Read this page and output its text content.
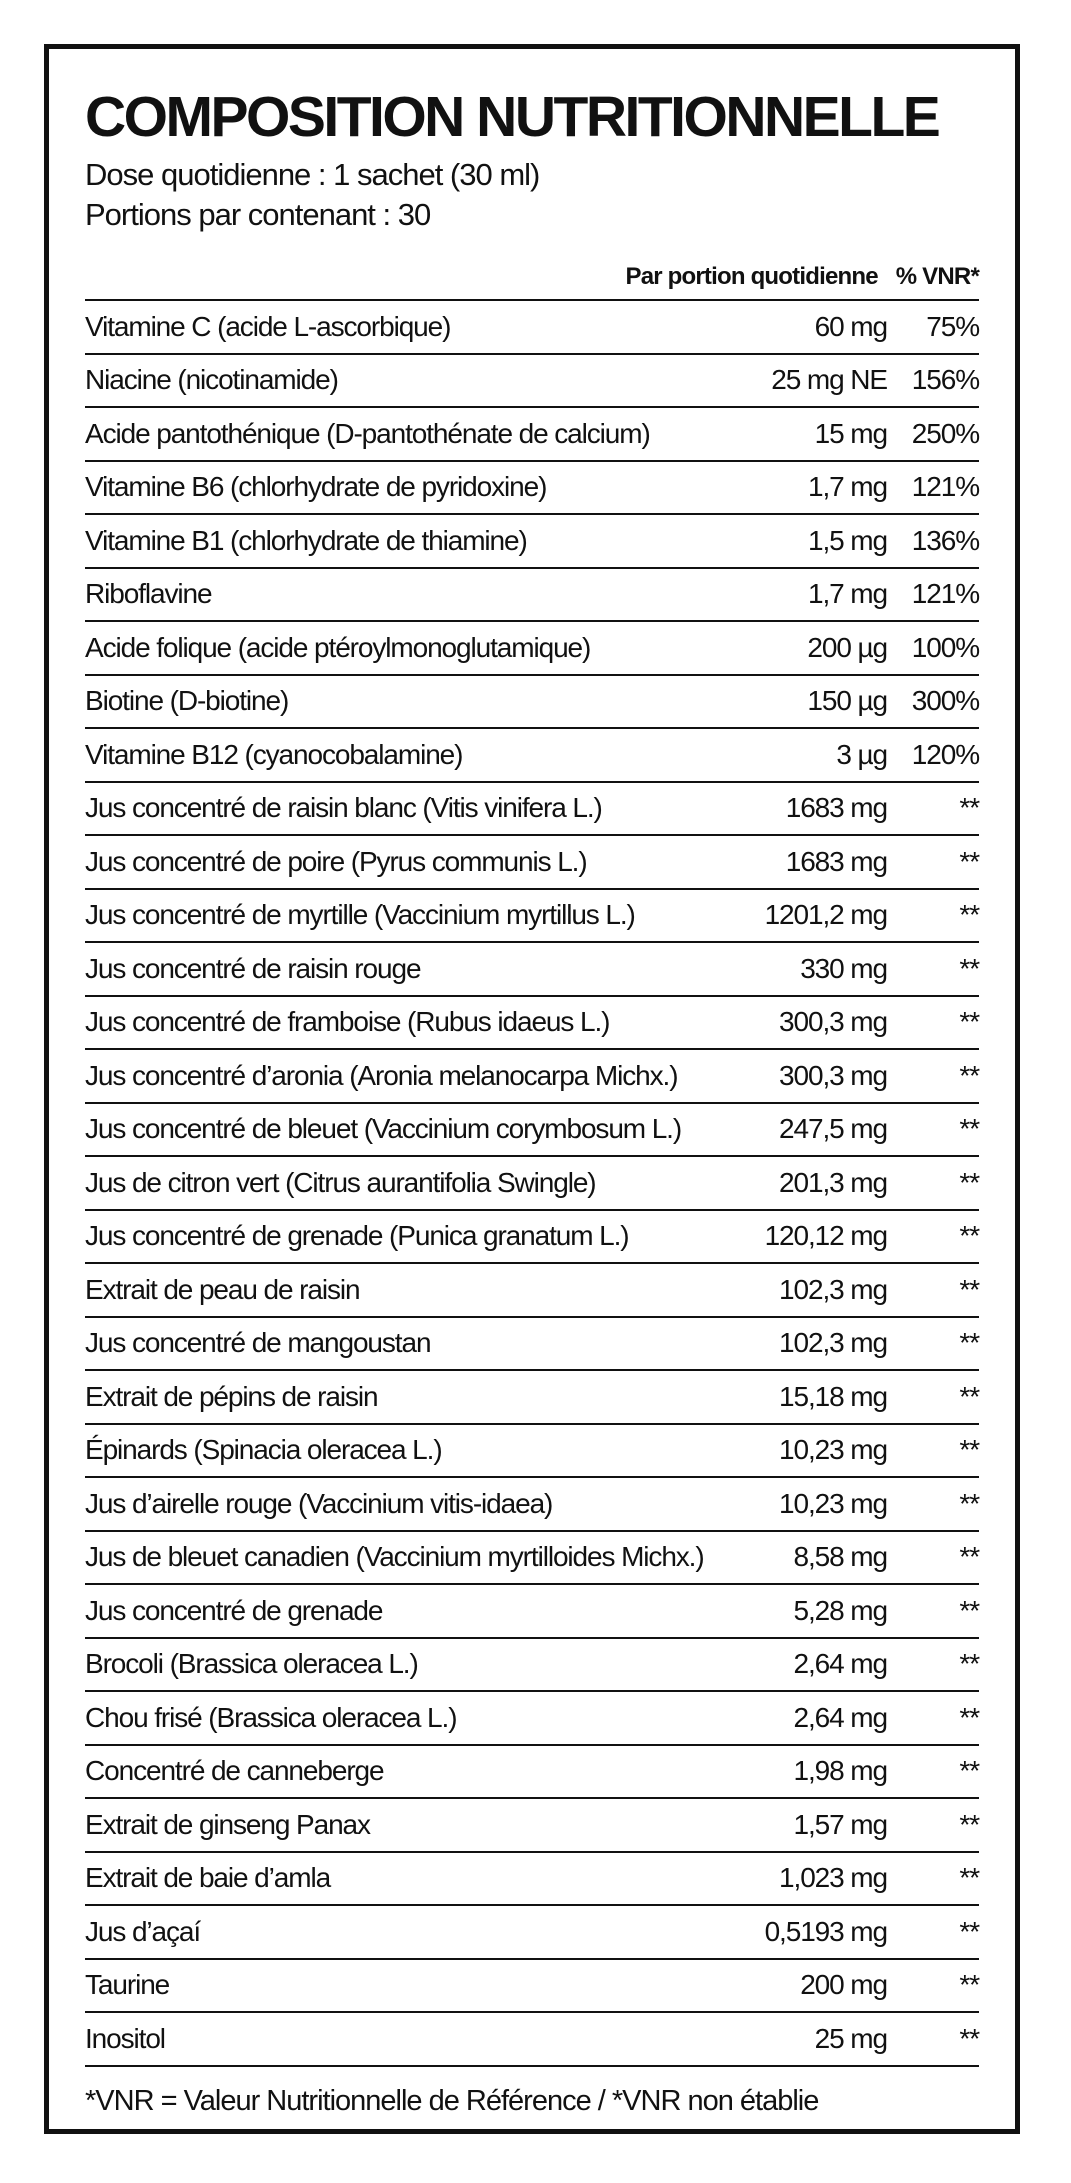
COMPOSITION NUTRITIONNELLE
Dose quotidienne : 1 sachet (30 ml)
Portions par contenant : 30
Par portion quotidienne % VNR*
Vitamine C (acide L-ascorbique)	60 mg	75%
Niacine (nicotinamide)	25 mg NE 156%
Acide pantothénique (D-pantothénate de calcium)	15 mg 250%
Vitamine B6 (chlorhydrate de pyridoxine)	1,7 mg 121%
Vitamine B1 (chlorhydrate de thiamine)	1,5 mg 136%
Riboflavine	1,7 mg 121%
Acide folique (acide ptéroylmonoglutamique)	200 µg 100%
Biotine (D-biotine)	150 µg 300%
Vitamine B12 (cyanocobalamine)	3 µg 120%
Jus concentré de raisin blanc (Vitis vinifera L.)	1683 mg	**
Jus concentré de poire (Pyrus communis L.)	1683 mg	**
Jus concentré de myrtille (Vaccinium myrtillus L.)	1201,2 mg	**
Jus concentré de raisin rouge	330 mg	**
Jus concentré de framboise (Rubus idaeus L.)	300,3 mg	**
Jus concentré d’aronia (Aronia melanocarpa Michx.)	300,3 mg	**
Jus concentré de bleuet (Vaccinium corymbosum L.)	247,5 mg	**
Jus de citron vert (Citrus aurantifolia Swingle)	201,3 mg	**
Jus concentré de grenade (Punica granatum L.)	120,12 mg	**
Extrait de peau de raisin	102,3 mg	**
Jus concentré de mangoustan	102,3 mg	**
Extrait de pépins de raisin	15,18 mg	**
Épinards (Spinacia oleracea L.)	10,23 mg	**
Jus d’airelle rouge (Vaccinium vitis-idaea)	10,23 mg	**
Jus de bleuet canadien (Vaccinium myrtilloides Michx.)	8,58 mg	**
Jus concentré de grenade	5,28 mg	**
Brocoli (Brassica oleracea L.)	2,64 mg	**
Chou frisé (Brassica oleracea L.)	2,64 mg	**
Concentré de canneberge	1,98 mg	**
Extrait de ginseng Panax	1,57 mg	**
Extrait de baie d’amla	1,023 mg	**
Jus d’açaí	0,5193 mg	**
Taurine	200 mg	**
Inositol	25 mg	**
*VNR = Valeur Nutritionnelle de Référence / *VNR non établie
